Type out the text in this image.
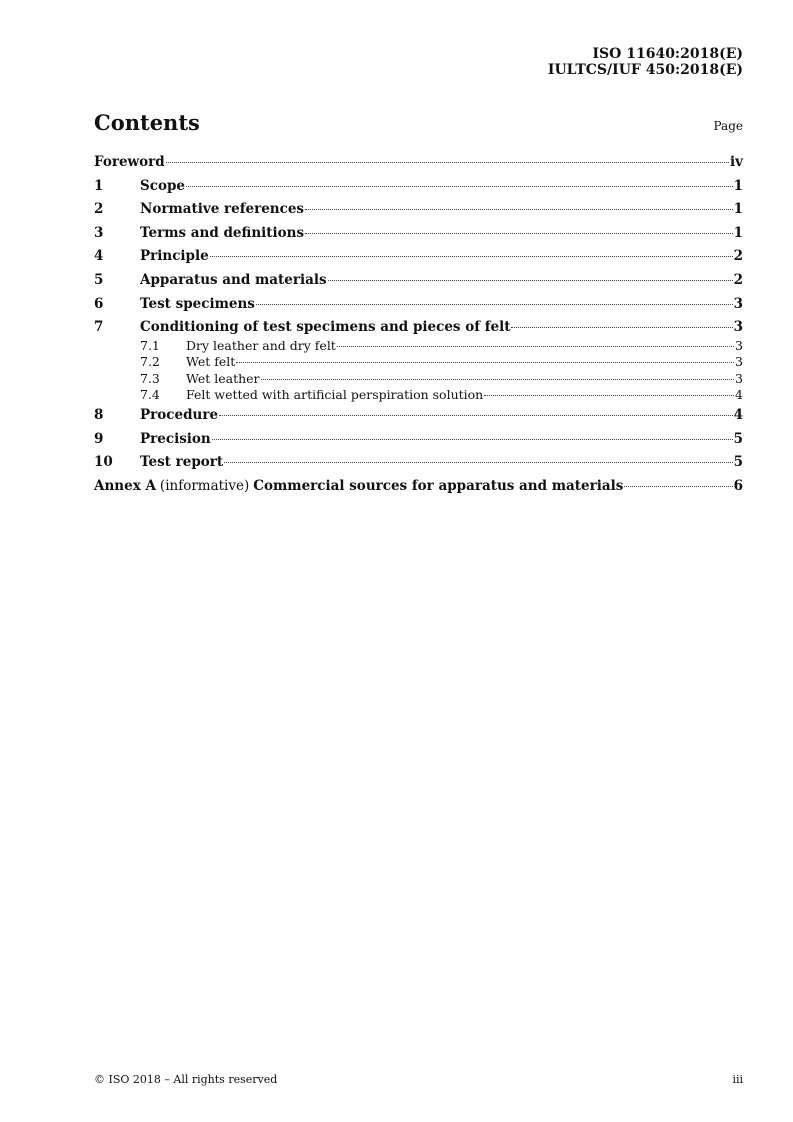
ISO 11640:2018(E)
IULTCS/IUF 450:2018(E)
Contents	Page
Foreword	iv
1	Scope	1
2	Normative references	1
3	Terms and definitions	1
4	Principle	2
5	Apparatus and materials	2
6	Test specimens	3
7	Conditioning of test specimens and pieces of felt	3
7.1	Dry leather and dry felt	3
7.2	Wet felt	3
7.3	Wet leather	3
7.4	Felt wetted with artificial perspiration solution	4
8	Procedure	4
9	Precision	5
10	Test report	5
Annex A (informative) Commercial sources for apparatus and materials	6
© ISO 2018 – All rights reserved	iii
